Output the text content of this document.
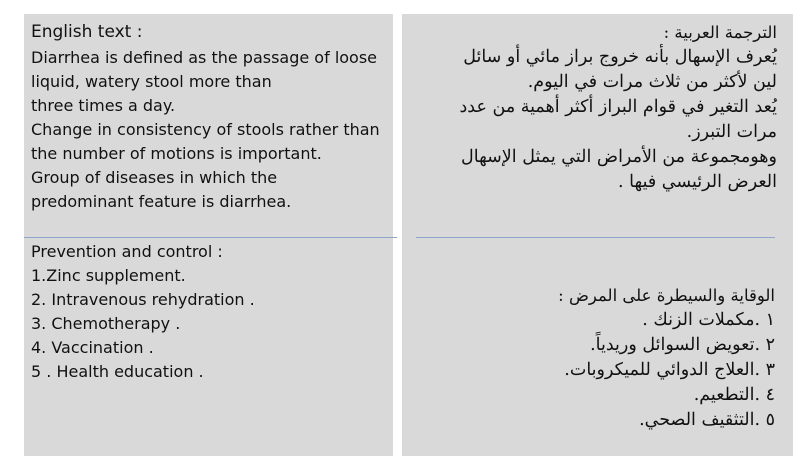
English text :
Diarrhea is defined as the passage of loose
liquid, watery stool more than
three times a day.
Change in consistency of stools rather than
the number of motions is important.
Group of diseases in which the
predominant feature is diarrhea.
Prevention and control :
1.Zinc supplement.
2. Intravenous rehydration .
3. Chemotherapy .
4. Vaccination .
5 . Health education .
الترجمة العربية :
يُعرف الإسهال بأنه خروج براز مائي أو سائل
لين لأكثر من ثلاث مرات في اليوم.
يُعد التغير في قوام البراز أكثر أهمية من عدد
مرات التبرز.
وهومجموعة من الأمراض التي يمثل الإسهال
العرض الرئيسي فيها .
الوقاية والسيطرة على المرض :
١ .مكملات الزنك .
٢ .تعويض السوائل وريدياً.
٣ .العلاج الدوائي للميكروبات.
٤ .التطعيم.
٥ .التثقيف الصحي.
